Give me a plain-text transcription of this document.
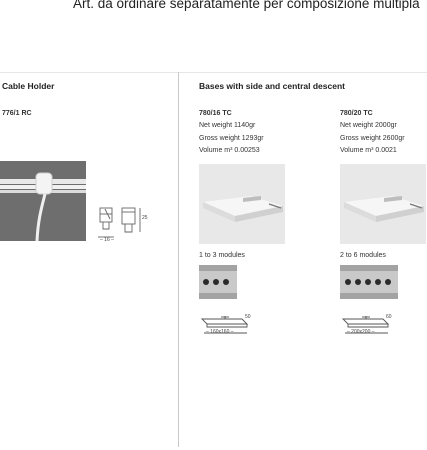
Art. da ordinare separatamente per composizione multipla
Cable Holder
776/1 RC
– 16 –
25
Bases with side and central descent
780/16 TC
Net weight 1140gr
Gross weight 1293gr
Volume m³ 0.00253
1 to 3 modules
50
– 160x160 –
780/20 TC
Net weight 2000gr
Gross weight 2600gr
Volume m³ 0.0021
2 to 6 modules
60
– 200x200 –
